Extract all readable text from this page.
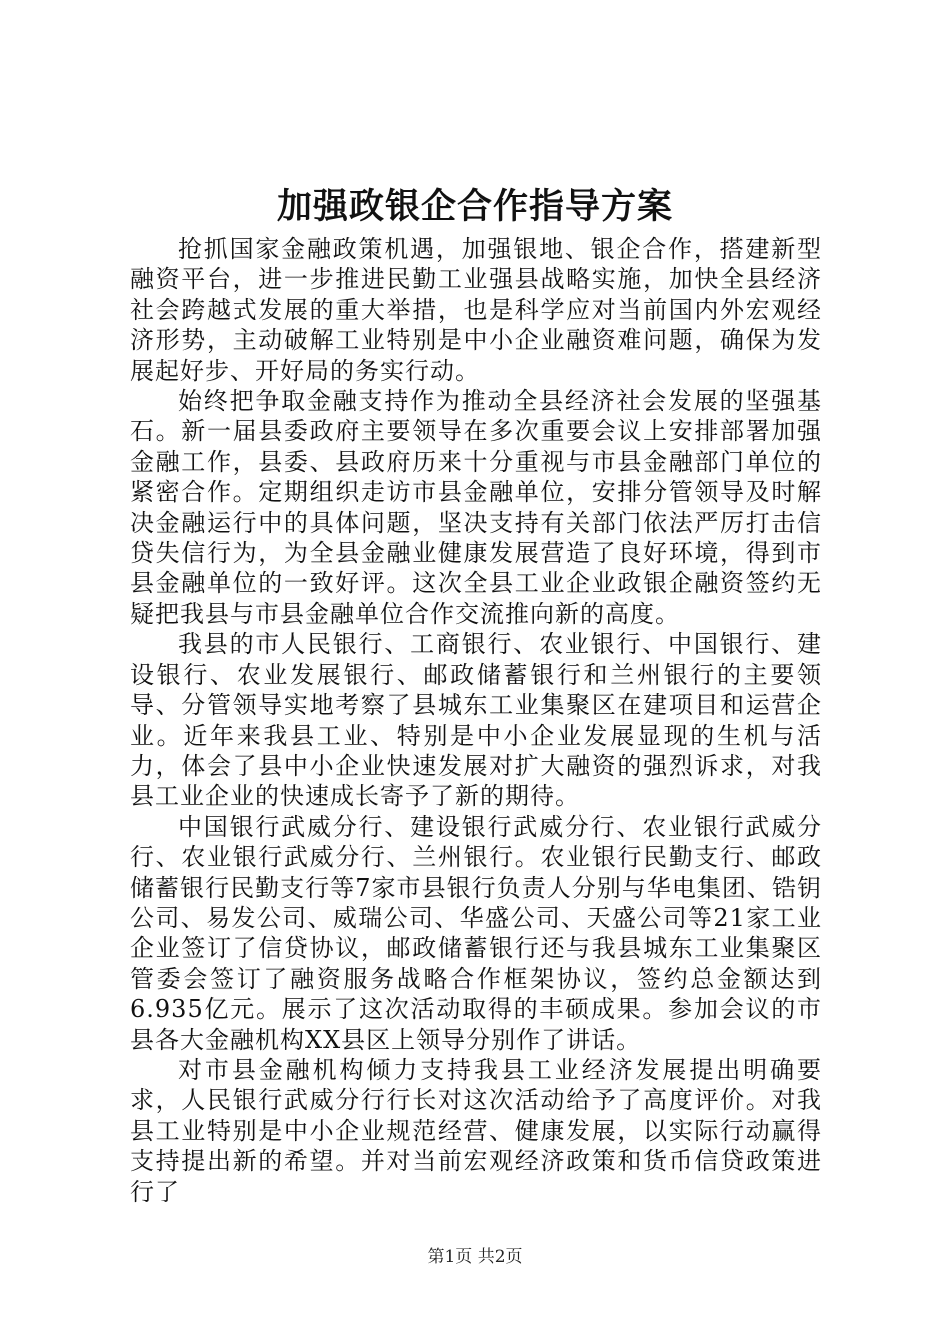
加强政银企合作指导方案

抢抓国家金融政策机遇，加强银地、银企合作，搭建新型融资平台，进一步推进民勤工业强县战略实施，加快全县经济社会跨越式发展的重大举措，也是科学应对当前国内外宏观经济形势，主动破解工业特别是中小企业融资难问题，确保为发展起好步、开好局的务实行动。

始终把争取金融支持作为推动全县经济社会发展的坚强基石。新一届县委政府主要领导在多次重要会议上安排部署加强金融工作，县委、县政府历来十分重视与市县金融部门单位的紧密合作。定期组织走访市县金融单位，安排分管领导及时解决金融运行中的具体问题，坚决支持有关部门依法严厉打击信贷失信行为，为全县金融业健康发展营造了良好环境，得到市县金融单位的一致好评。这次全县工业企业政银企融资签约无疑把我县与市县金融单位合作交流推向新的高度。

我县的市人民银行、工商银行、农业银行、中国银行、建设银行、农业发展银行、邮政储蓄银行和兰州银行的主要领导、分管领导实地考察了县城东工业集聚区在建项目和运营企业。近年来我县工业、特别是中小企业发展显现的生机与活力，体会了县中小企业快速发展对扩大融资的强烈诉求，对我县工业企业的快速成长寄予了新的期待。

中国银行武威分行、建设银行武威分行、农业银行武威分行、农业银行武威分行、兰州银行。农业银行民勤支行、邮政储蓄银行民勤支行等7家市县银行负责人分别与华电集团、锆钥公司、易发公司、威瑞公司、华盛公司、天盛公司等21家工业企业签订了信贷协议，邮政储蓄银行还与我县城东工业集聚区管委会签订了融资服务战略合作框架协议，签约总金额达到6.935亿元。展示了这次活动取得的丰硕成果。参加会议的市县各大金融机构XX县区上领导分别作了讲话。

对市县金融机构倾力支持我县工业经济发展提出明确要求，人民银行武威分行行长对这次活动给予了高度评价。对我县工业特别是中小企业规范经营、健康发展，以实际行动赢得支持提出新的希望。并对当前宏观经济政策和货币信贷政策进行了

第1页 共2页
